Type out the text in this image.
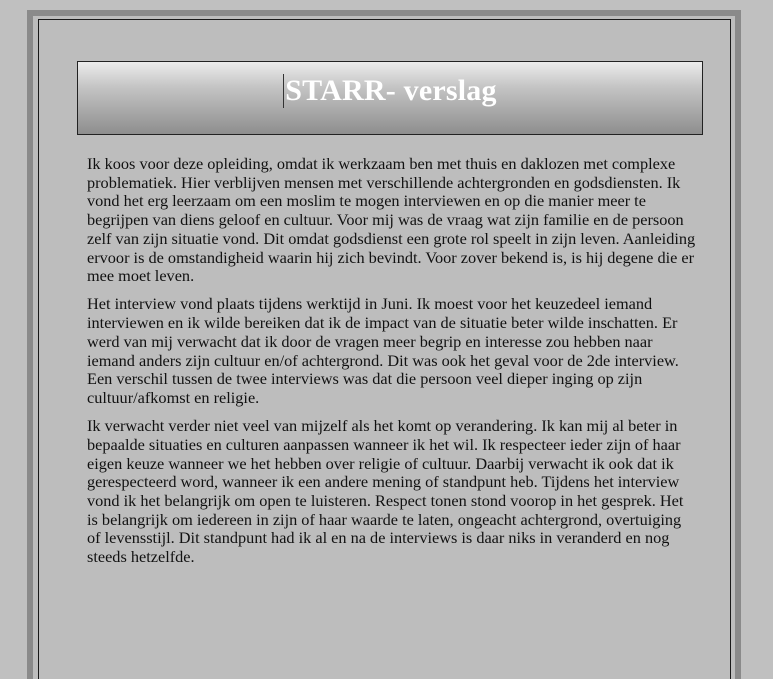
STARR- verslag

Ik koos voor deze opleiding, omdat ik werkzaam ben met thuis en daklozen met complexe problematiek. Hier verblijven mensen met verschillende achtergronden en godsdiensten. Ik vond het erg leerzaam om een moslim te mogen interviewen en op die manier meer te begrijpen van diens geloof en cultuur. Voor mij was de vraag wat zijn familie en de persoon zelf van zijn situatie vond. Dit omdat godsdienst een grote rol speelt in zijn leven. Aanleiding ervoor is de omstandigheid waarin hij zich bevindt. Voor zover bekend is, is hij degene die er mee moet leven.

Het interview vond plaats tijdens werktijd in Juni. Ik moest voor het keuzedeel iemand interviewen en ik wilde bereiken dat ik de impact van de situatie beter wilde inschatten. Er werd van mij verwacht dat ik door de vragen meer begrip en interesse zou hebben naar iemand anders zijn cultuur en/of achtergrond. Dit was ook het geval voor de 2de interview. Een verschil tussen de twee interviews was dat die persoon veel dieper inging op zijn cultuur/afkomst en religie.

Ik verwacht verder niet veel van mijzelf als het komt op verandering. Ik kan mij al beter in bepaalde situaties en culturen aanpassen wanneer ik het wil. Ik respecteer ieder zijn of haar eigen keuze wanneer we het hebben over religie of cultuur. Daarbij verwacht ik ook dat ik gerespecteerd word, wanneer ik een andere mening of standpunt heb. Tijdens het interview vond ik het belangrijk om open te luisteren. Respect tonen stond voorop in het gesprek. Het is belangrijk om iedereen in zijn of haar waarde te laten, ongeacht achtergrond, overtuiging of levensstijl. Dit standpunt had ik al en na de interviews is daar niks in veranderd en nog steeds hetzelfde.
